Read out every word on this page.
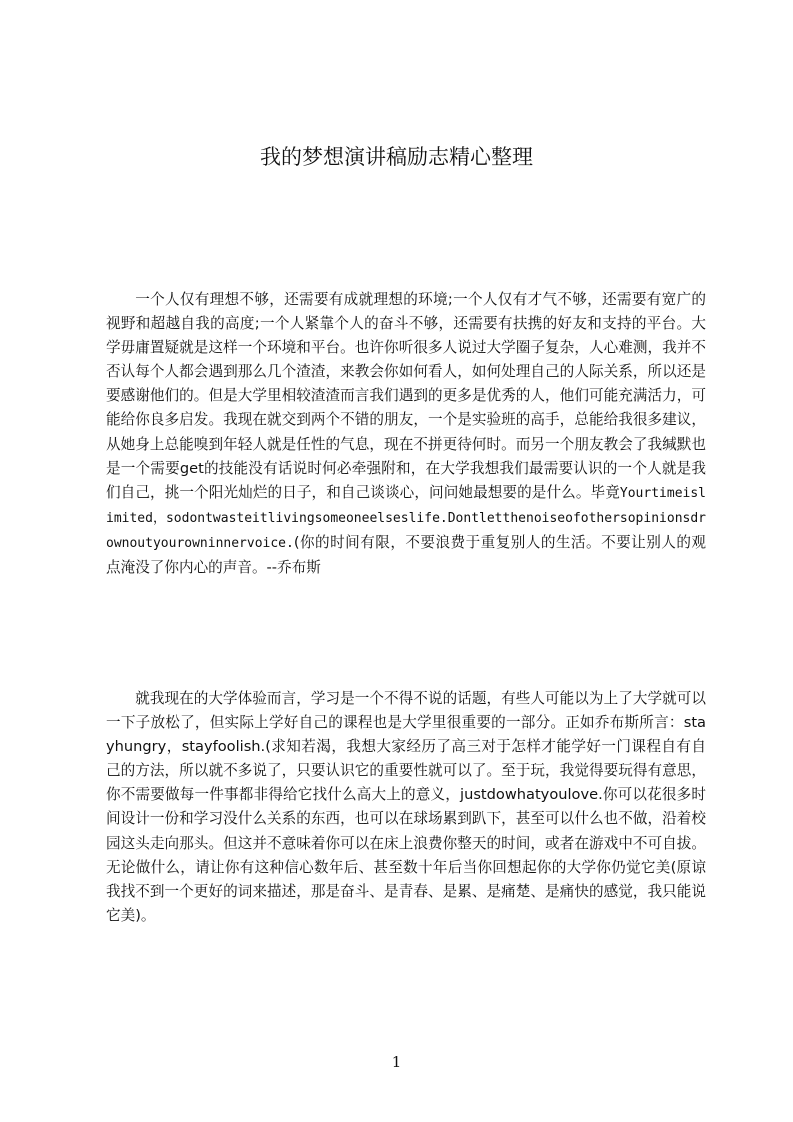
我的梦想演讲稿励志精心整理

一个人仅有理想不够，还需要有成就理想的环境;一个人仅有才气不够，还需要有宽广的视野和超越自我的高度;一个人紧靠个人的奋斗不够，还需要有扶携的好友和支持的平台。大学毋庸置疑就是这样一个环境和平台。也许你听很多人说过大学圈子复杂，人心难测，我并不否认每个人都会遇到那么几个渣渣，来教会你如何看人，如何处理自己的人际关系，所以还是要感谢他们的。但是大学里相较渣渣而言我们遇到的更多是优秀的人，他们可能充满活力，可能给你良多启发。我现在就交到两个不错的朋友，一个是实验班的高手，总能给我很多建议，从她身上总能嗅到年轻人就是任性的气息，现在不拼更待何时。而另一个朋友教会了我缄默也是一个需要get的技能没有话说时何必牵强附和，在大学我想我们最需要认识的一个人就是我们自己，挑一个阳光灿烂的日子，和自己谈谈心，问问她最想要的是什么。毕竟Yourtimeislimited，sodontwasteitlivingsomeoneelseslife.Dontletthenoiseofothersopinionsdrownoutyourowninnervoice.(你的时间有限，不要浪费于重复别人的生活。不要让别人的观点淹没了你内心的声音。--乔布斯

就我现在的大学体验而言，学习是一个不得不说的话题，有些人可能以为上了大学就可以一下子放松了，但实际上学好自己的课程也是大学里很重要的一部分。正如乔布斯所言：stayhungry，stayfoolish.(求知若渴，我想大家经历了高三对于怎样才能学好一门课程自有自己的方法，所以就不多说了，只要认识它的重要性就可以了。至于玩，我觉得要玩得有意思，你不需要做每一件事都非得给它找什么高大上的意义，justdowhatyoulove.你可以花很多时间设计一份和学习没什么关系的东西，也可以在球场累到趴下，甚至可以什么也不做，沿着校园这头走向那头。但这并不意味着你可以在床上浪费你整天的时间，或者在游戏中不可自拔。无论做什么，请让你有这种信心数年后、甚至数十年后当你回想起你的大学你仍觉它美(原谅我找不到一个更好的词来描述，那是奋斗、是青春、是累、是痛楚、是痛快的感觉，我只能说它美)。

1
